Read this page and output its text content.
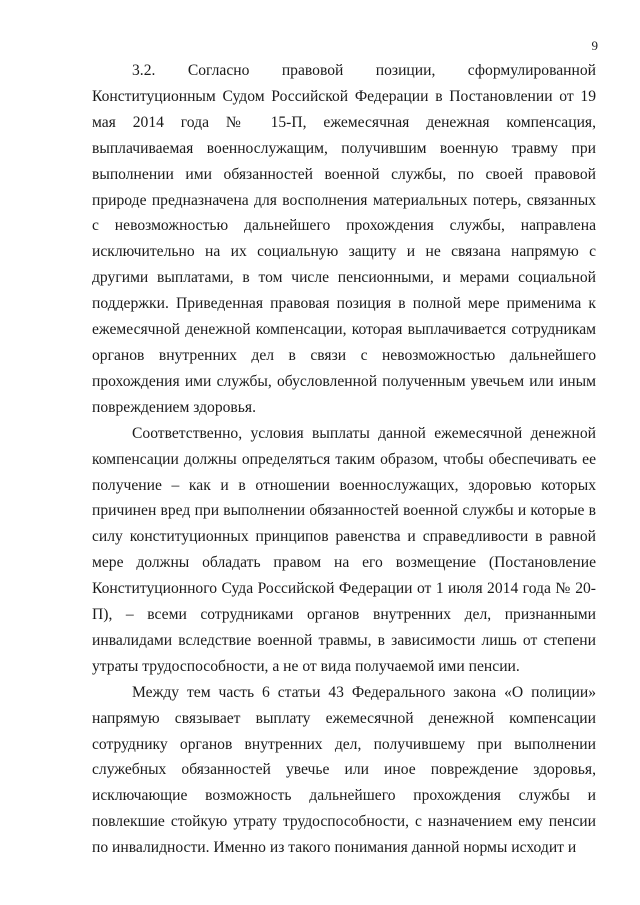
9

3.2. Согласно правовой позиции, сформулированной Конституционным Судом Российской Федерации в Постановлении от 19 мая 2014 года № 15-П, ежемесячная денежная компенсация, выплачиваемая военнослужащим, получившим военную травму при выполнении ими обязанностей военной службы, по своей правовой природе предназначена для восполнения материальных потерь, связанных с невозможностью дальнейшего прохождения службы, направлена исключительно на их социальную защиту и не связана напрямую с другими выплатами, в том числе пенсионными, и мерами социальной поддержки. Приведенная правовая позиция в полной мере применима к ежемесячной денежной компенсации, которая выплачивается сотрудникам органов внутренних дел в связи с невозможностью дальнейшего прохождения ими службы, обусловленной полученным увечьем или иным повреждением здоровья.

Соответственно, условия выплаты данной ежемесячной денежной компенсации должны определяться таким образом, чтобы обеспечивать ее получение – как и в отношении военнослужащих, здоровью которых причинен вред при выполнении обязанностей военной службы и которые в силу конституционных принципов равенства и справедливости в равной мере должны обладать правом на его возмещение (Постановление Конституционного Суда Российской Федерации от 1 июля 2014 года № 20-П), – всеми сотрудниками органов внутренних дел, признанными инвалидами вследствие военной травмы, в зависимости лишь от степени утраты трудоспособности, а не от вида получаемой ими пенсии.

Между тем часть 6 статьи 43 Федерального закона «О полиции» напрямую связывает выплату ежемесячной денежной компенсации сотруднику органов внутренних дел, получившему при выполнении служебных обязанностей увечье или иное повреждение здоровья, исключающие возможность дальнейшего прохождения службы и повлекшие стойкую утрату трудоспособности, с назначением ему пенсии по инвалидности. Именно из такого понимания данной нормы исходит и
